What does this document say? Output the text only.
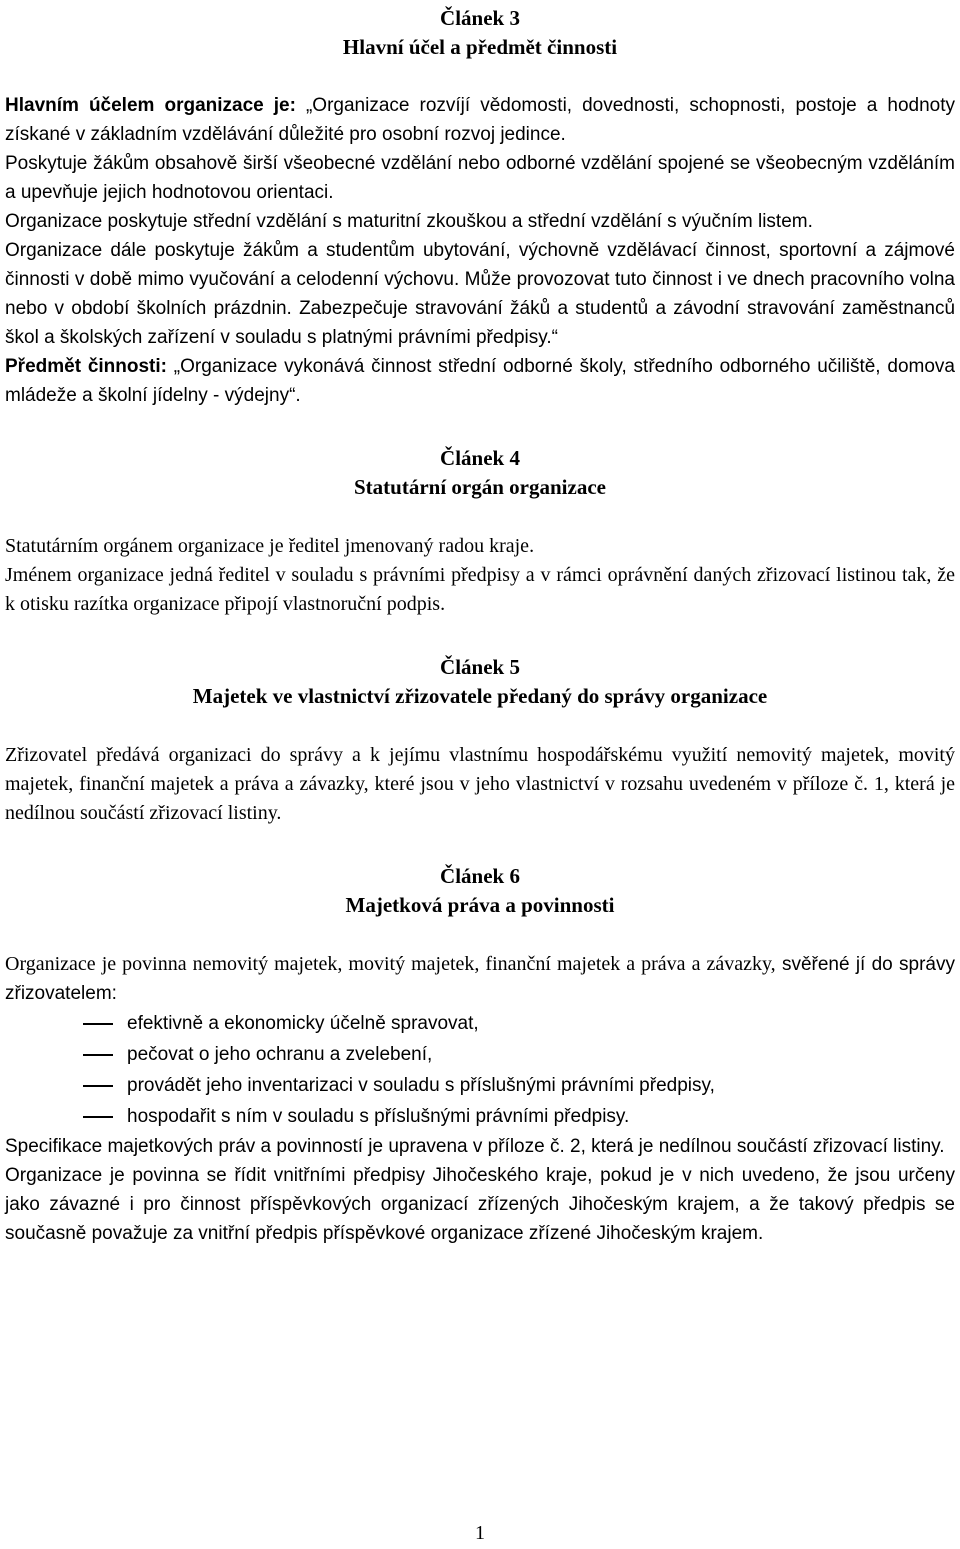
Článek 3
Hlavní účel a předmět činnosti

Hlavním účelem organizace je: „Organizace rozvíjí vědomosti, dovednosti, schopnosti, postoje a hodnoty získané v základním vzdělávání důležité pro osobní rozvoj jedince.

Poskytuje žákům obsahově širší všeobecné vzdělání nebo odborné vzdělání spojené se všeobecným vzděláním a upevňuje jejich hodnotovou orientaci.

Organizace poskytuje střední vzdělání s maturitní zkouškou a střední vzdělání s výučním listem.

Organizace dále poskytuje žákům a studentům ubytování, výchovně vzdělávací činnost, sportovní a zájmové činnosti v době mimo vyučování a celodenní výchovu. Může provozovat tuto činnost i ve dnech pracovního volna nebo v období školních prázdnin. Zabezpečuje stravování žáků a studentů a závodní stravování zaměstnanců škol a školských zařízení v souladu s platnými právními předpisy.“

Předmět činnosti: „Organizace vykonává činnost střední odborné školy, středního odborného učiliště, domova mládeže a školní jídelny - výdejny“.

Článek 4
Statutární orgán organizace

Statutárním orgánem organizace je ředitel jmenovaný radou kraje.

Jménem organizace jedná ředitel v souladu s právními předpisy a v rámci oprávnění daných zřizovací listinou tak, že k otisku razítka organizace připojí vlastnoruční podpis.

Článek 5
Majetek ve vlastnictví zřizovatele předaný do správy organizace

Zřizovatel předává organizaci do správy a k jejímu vlastnímu hospodářskému využití nemovitý majetek, movitý majetek, finanční majetek a práva a závazky, které jsou v jeho vlastnictví v rozsahu uvedeném v příloze č. 1, která je nedílnou součástí zřizovací listiny.

Článek 6
Majetková práva a povinnosti

Organizace je povinna nemovitý majetek, movitý majetek, finanční majetek a práva a závazky, svěřené jí do správy zřizovatelem:

efektivně a ekonomicky účelně spravovat,
pečovat o jeho ochranu a zvelebení,
provádět jeho inventarizaci v souladu s příslušnými právními předpisy,
hospodařit s ním v souladu s příslušnými právními předpisy.

Specifikace majetkových práv a povinností je upravena v příloze č. 2, která je nedílnou součástí zřizovací listiny.

Organizace je povinna se řídit vnitřními předpisy Jihočeského kraje, pokud je v nich uvedeno, že jsou určeny jako závazné i pro činnost příspěvkových organizací zřízených Jihočeským krajem, a že takový předpis se současně považuje za vnitřní předpis příspěvkové organizace zřízené Jihočeským krajem.

1
